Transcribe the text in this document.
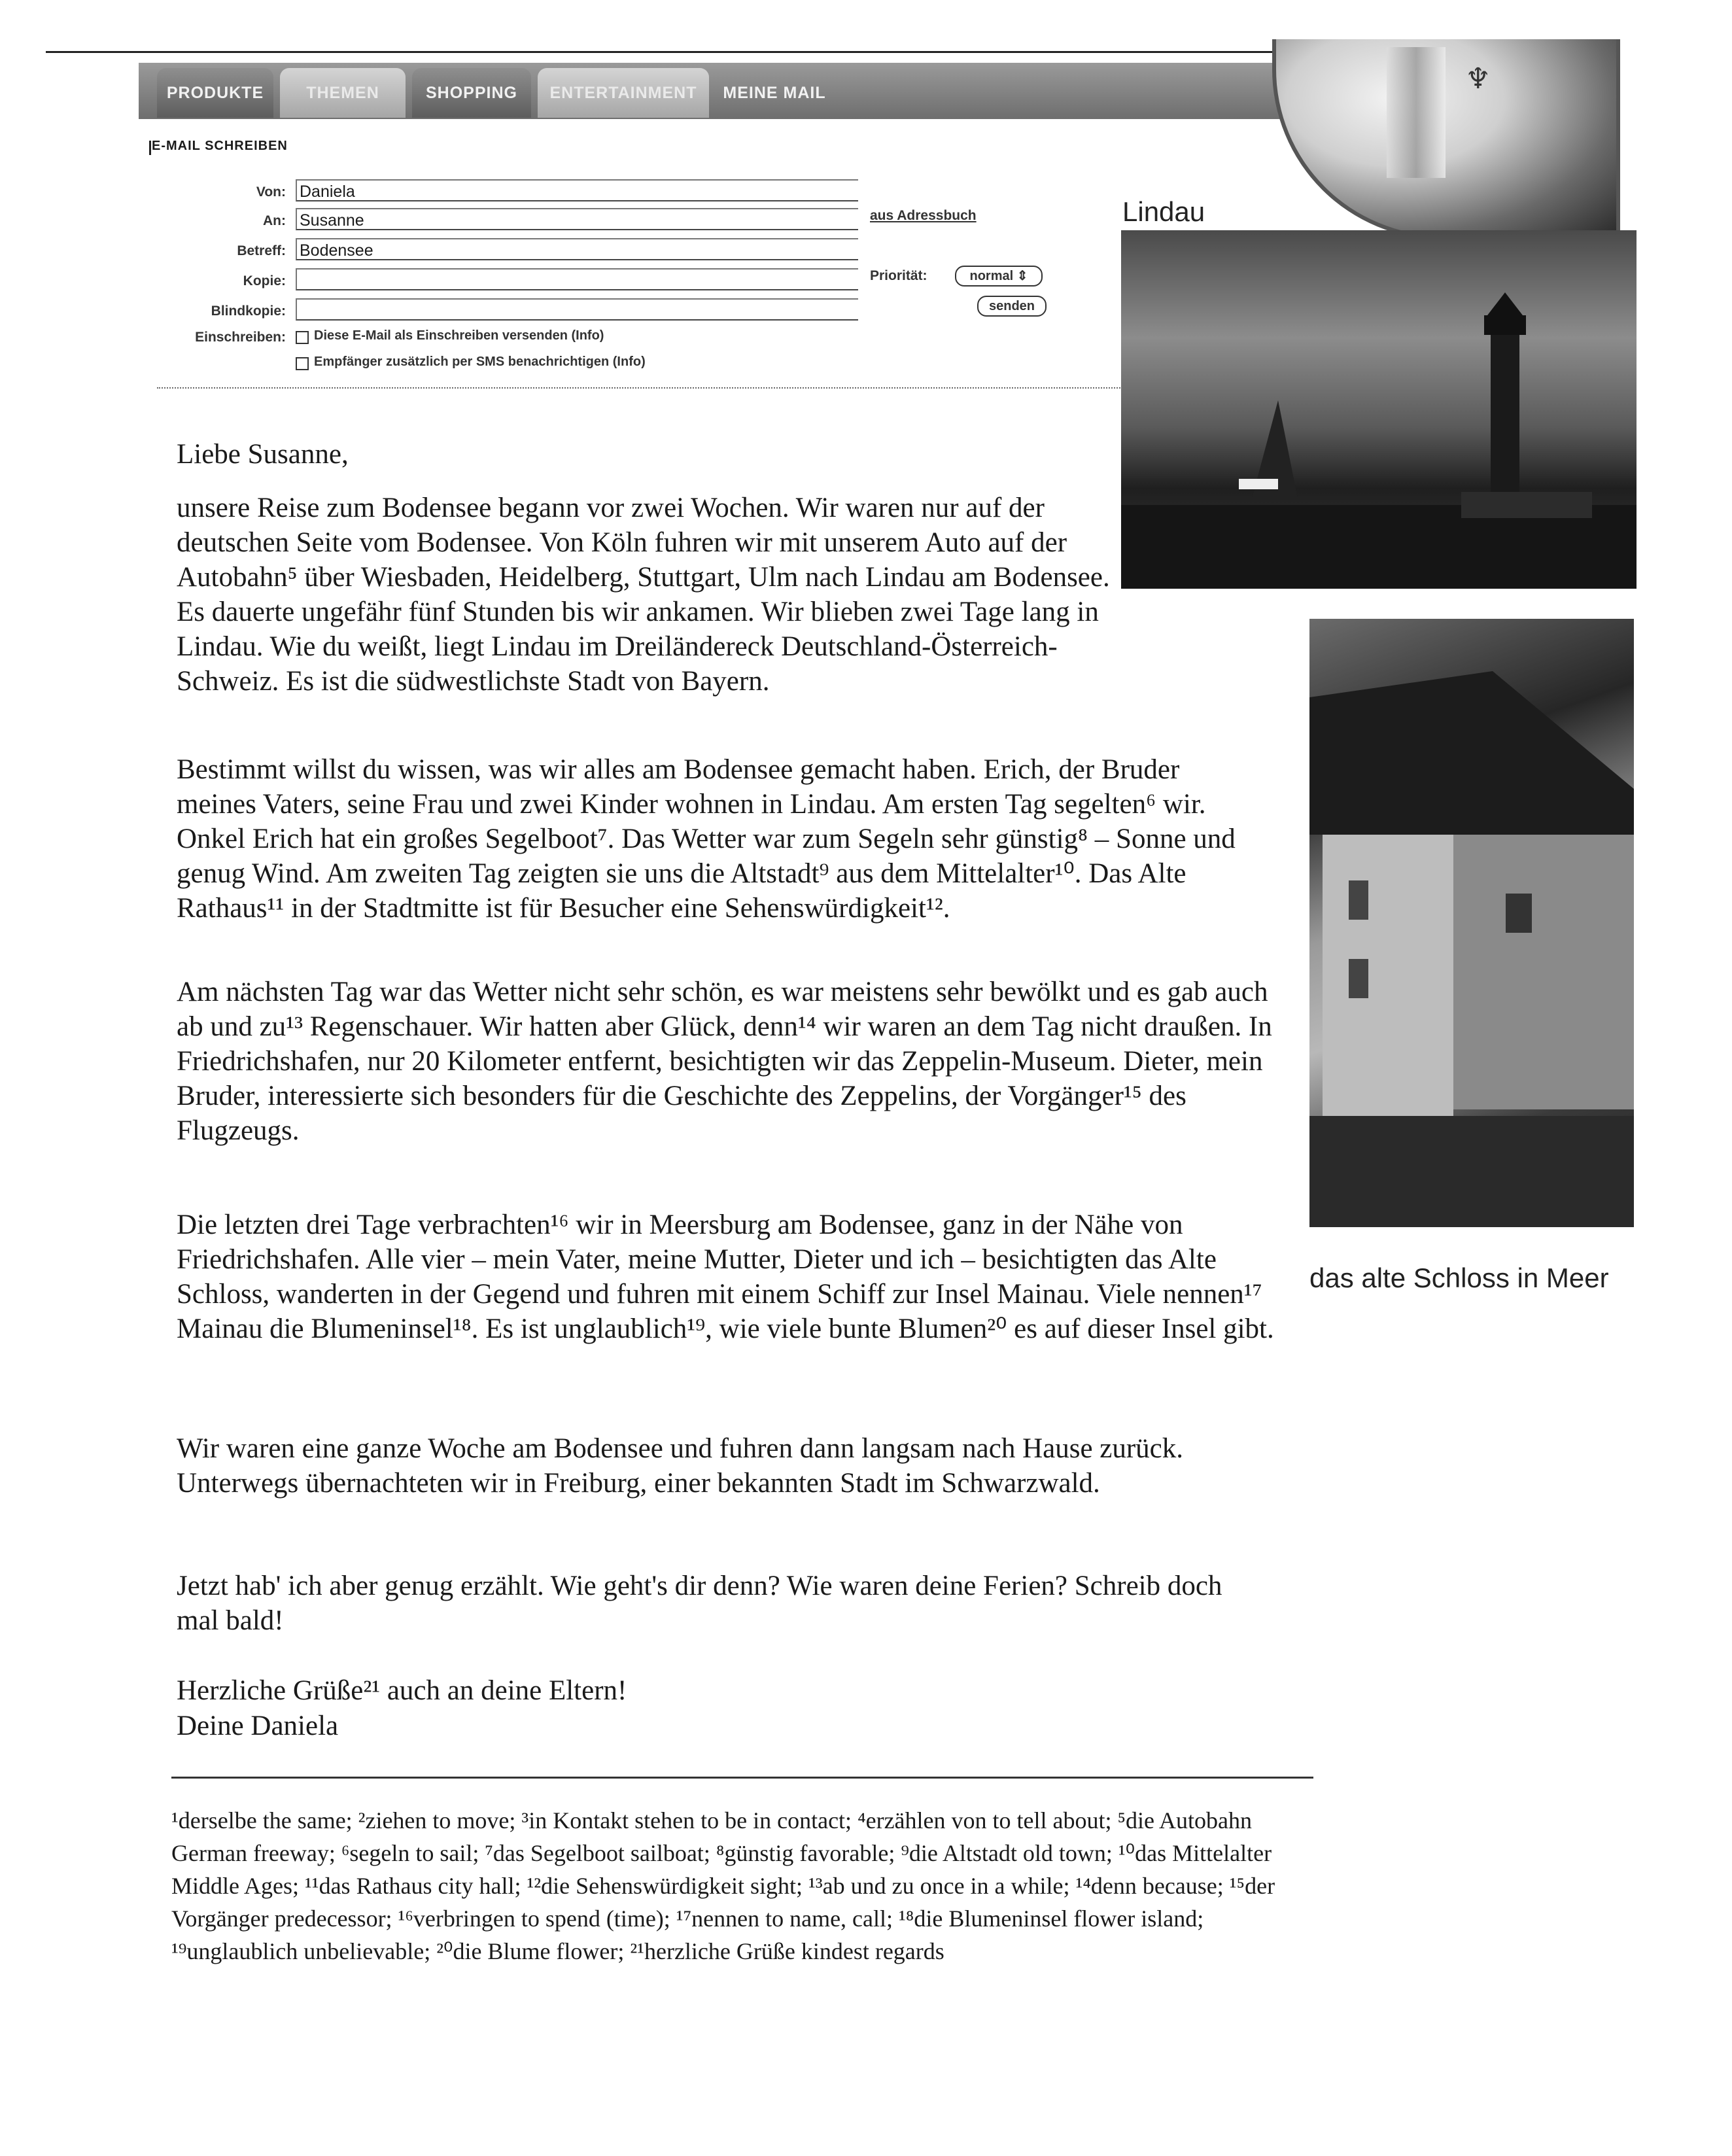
PRODUKTE	THEMEN	SHOPPING	ENTERTAINMENT	MEINE MAIL	♆
E-MAIL SCHREIBEN
Von: Daniela
An: Susanne
Betreff: Bodensee
Kopie:
Blindkopie:
Einschreiben: Diese E-Mail als Einschreiben versenden (Info)
Empfänger zusätzlich per SMS benachrichtigen (Info)
aus Adressbuch
Priorität:	normal ⇕
senden
Lindau
das alte Schloss in Meer
Liebe Susanne,
unsere Reise zum Bodensee begann vor zwei Wochen. Wir waren nur auf der deutschen Seite vom Bodensee. Von Köln fuhren wir mit unserem Auto auf der Autobahn⁵ über Wiesbaden, Heidelberg, Stuttgart, Ulm nach Lindau am Bodensee. Es dauerte ungefähr fünf Stunden bis wir ankamen. Wir blieben zwei Tage lang in Lindau. Wie du weißt, liegt Lindau im Dreiländereck Deutschland-Österreich-Schweiz. Es ist die südwestlichste Stadt von Bayern.
Bestimmt willst du wissen, was wir alles am Bodensee gemacht haben. Erich, der Bruder meines Vaters, seine Frau und zwei Kinder wohnen in Lindau. Am ersten Tag segelten⁶ wir. Onkel Erich hat ein großes Segelboot⁷. Das Wetter war zum Segeln sehr günstig⁸ – Sonne und genug Wind. Am zweiten Tag zeigten sie uns die Altstadt⁹ aus dem Mittelalter¹⁰. Das Alte Rathaus¹¹ in der Stadtmitte ist für Besucher eine Sehenswürdigkeit¹².
Am nächsten Tag war das Wetter nicht sehr schön, es war meistens sehr bewölkt und es gab auch ab und zu¹³ Regenschauer. Wir hatten aber Glück, denn¹⁴ wir waren an dem Tag nicht draußen. In Friedrichshafen, nur 20 Kilometer entfernt, besichtigten wir das Zeppelin-Museum. Dieter, mein Bruder, interessierte sich besonders für die Geschichte des Zeppelins, der Vorgänger¹⁵ des Flugzeugs.
Die letzten drei Tage verbrachten¹⁶ wir in Meersburg am Bodensee, ganz in der Nähe von Friedrichshafen. Alle vier – mein Vater, meine Mutter, Dieter und ich – besichtigten das Alte Schloss, wanderten in der Gegend und fuhren mit einem Schiff zur Insel Mainau. Viele nennen¹⁷ Mainau die Blumeninsel¹⁸. Es ist unglaublich¹⁹, wie viele bunte Blumen²⁰ es auf dieser Insel gibt.
Wir waren eine ganze Woche am Bodensee und fuhren dann langsam nach Hause zurück. Unterwegs übernachteten wir in Freiburg, einer bekannten Stadt im Schwarzwald.
Jetzt hab' ich aber genug erzählt. Wie geht's dir denn? Wie waren deine Ferien? Schreib doch mal bald!
Herzliche Grüße²¹ auch an deine Eltern!
Deine Daniela
¹derselbe the same; ²ziehen to move; ³in Kontakt stehen to be in contact; ⁴erzählen von to tell about; ⁵die Autobahn German freeway; ⁶segeln to sail; ⁷das Segelboot sailboat; ⁸günstig favorable; ⁹die Altstadt old town; ¹⁰das Mittelalter Middle Ages; ¹¹das Rathaus city hall; ¹²die Sehenswürdigkeit sight; ¹³ab und zu once in a while; ¹⁴denn because; ¹⁵der Vorgänger predecessor; ¹⁶verbringen to spend (time); ¹⁷nennen to name, call; ¹⁸die Blumeninsel flower island; ¹⁹unglaublich unbelievable; ²⁰die Blume flower; ²¹herzliche Grüße kindest regards
